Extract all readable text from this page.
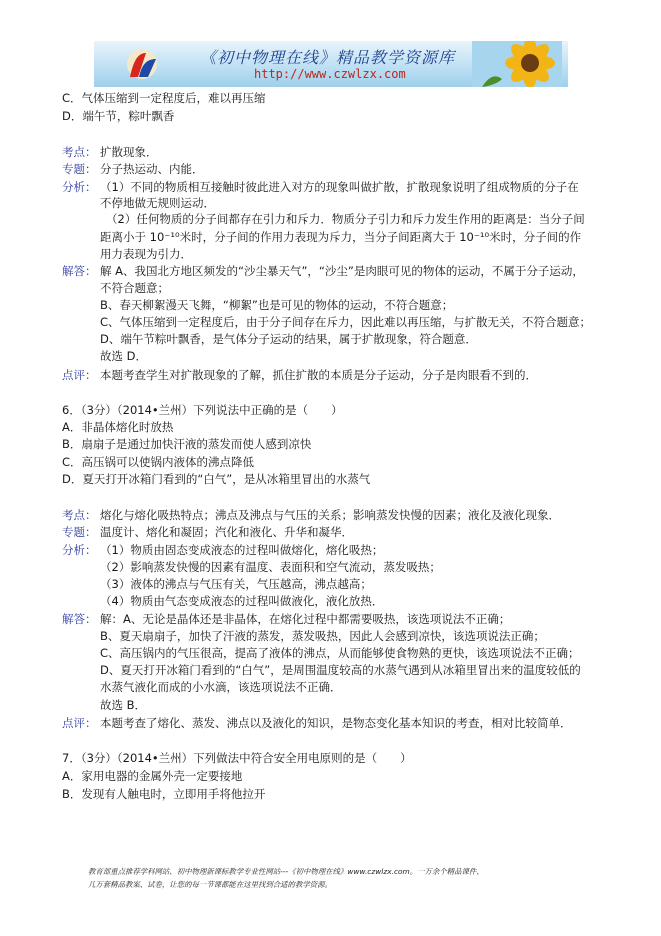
《初中物理在线》精品教学资源库
http://www.czwlzx.com
C．气体压缩到一定程度后，难以再压缩
D．端午节，粽叶飘香
考点： 扩散现象．
专题： 分子热运动、内能．
分析： （1）不同的物质相互接触时彼此进入对方的现象叫做扩散，扩散现象说明了组成物质的分子在
不停地做无规则运动．
（2）任何物质的分子间都存在引力和斥力．物质分子引力和斥力发生作用的距离是：当分子间
距离小于 10⁻¹⁰米时，分子间的作用力表现为斥力，当分子间距离大于 10⁻¹⁰米时，分子间的作
用力表现为引力．
解答： 解 A、我国北方地区频发的“沙尘暴天气”，“沙尘”是肉眼可见的物体的运动，不属于分子运动，
不符合题意；
B、春天柳絮漫天飞舞，“柳絮”也是可见的物体的运动，不符合题意；
C、气体压缩到一定程度后，由于分子间存在斥力，因此难以再压缩，与扩散无关，不符合题意；
D、端午节粽叶飘香，是气体分子运动的结果，属于扩散现象，符合题意．
故选 D．
点评： 本题考查学生对扩散现象的了解，抓住扩散的本质是分子运动，分子是肉眼看不到的．
6．（3分）（2014•兰州）下列说法中正确的是（　　）
A．非晶体熔化时放热
B．扇扇子是通过加快汗液的蒸发而使人感到凉快
C．高压锅可以使锅内液体的沸点降低
D．夏天打开冰箱门看到的“白气”，是从冰箱里冒出的水蒸气
考点： 熔化与熔化吸热特点；沸点及沸点与气压的关系；影响蒸发快慢的因素；液化及液化现象．
专题： 温度计、熔化和凝固；汽化和液化、升华和凝华．
分析： （1）物质由固态变成液态的过程叫做熔化，熔化吸热；
（2）影响蒸发快慢的因素有温度、表面积和空气流动，蒸发吸热；
（3）液体的沸点与气压有关，气压越高，沸点越高；
（4）物质由气态变成液态的过程叫做液化，液化放热．
解答： 解：A、无论是晶体还是非晶体，在熔化过程中都需要吸热，该选项说法不正确；
B、夏天扇扇子，加快了汗液的蒸发，蒸发吸热，因此人会感到凉快，该选项说法正确；
C、高压锅内的气压很高，提高了液体的沸点，从而能够使食物熟的更快，该选项说法不正确；
D、夏天打开冰箱门看到的“白气”，是周围温度较高的水蒸气遇到从冰箱里冒出来的温度较低的
水蒸气液化而成的小水滴，该选项说法不正确．
故选 B．
点评： 本题考查了熔化、蒸发、沸点以及液化的知识，是物态变化基本知识的考查，相对比较简单．
7．（3分）（2014•兰州）下列做法中符合安全用电原则的是（　　）
A．家用电器的金属外壳一定要接地
B．发现有人触电时，立即用手将他拉开
教育部重点推荐学科网站、初中物理新课标教学专业性网站---《初中物理在线》www.czwlzx.com。一万余个精品课件、
几万套精品教案、试卷，让您的每一节课都能在这里找到合适的教学资源。
